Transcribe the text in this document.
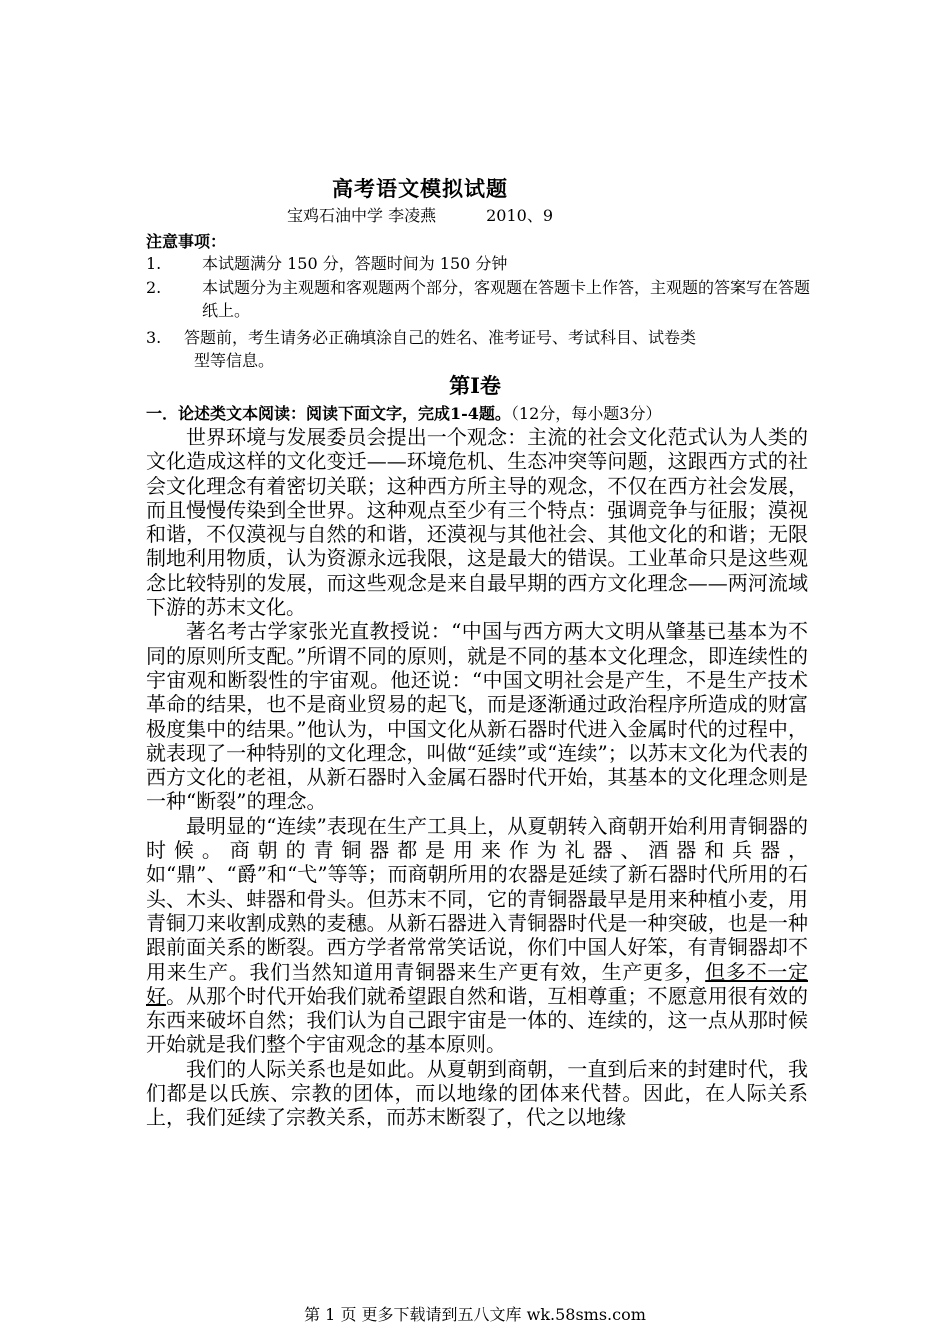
高考语文模拟试题
宝鸡石油中学 李凌燕	2010、9
注意事项：
1.	本试题满分 150 分，答题时间为 150 分钟
2.	本试题分为主观题和客观题两个部分，客观题在答题卡上作答，主观题的答案写在答题纸上。
3.	答题前，考生请务必正确填涂自己的姓名、准考证号、考试科目、试卷类
型等信息。
第Ⅰ卷
一．论述类文本阅读：阅读下面文字，完成1-4题。（12分，每小题3分）

世界环境与发展委员会提出一个观念：主流的社会文化范式认为人类的文化造成这样的文化变迁——环境危机、生态冲突等问题，这跟西方式的社会文化理念有着密切关联；这种西方所主导的观念，不仅在西方社会发展，而且慢慢传染到全世界。这种观点至少有三个特点：强调竞争与征服；漠视和谐，不仅漠视与自然的和谐，还漠视与其他社会、其他文化的和谐；无限制地利用物质，认为资源永远我限，这是最大的错误。工业革命只是这些观念比较特别的发展，而这些观念是来自最早期的西方文化理念——两河流域下游的苏末文化。

著名考古学家张光直教授说：“中国与西方两大文明从肇基已基本为不同的原则所支配。”所谓不同的原则，就是不同的基本文化理念，即连续性的宇宙观和断裂性的宇宙观。他还说：“中国文明社会是产生，不是生产技术革命的结果，也不是商业贸易的起飞，而是逐渐通过政治程序所造成的财富极度集中的结果。”他认为，中国文化从新石器时代进入金属时代的过程中，就表现了一种特别的文化理念，叫做“延续”或“连续”；以苏末文化为代表的西方文化的老祖，从新石器时入金属石器时代开始，其基本的文化理念则是一种“断裂”的理念。

最明显的“连续”表现在生产工具上，从夏朝转入商朝开始利用青铜器的时候。商朝的青铜器都是用来作为礼器、酒器和兵器，如“鼎”、“爵”和“弋”等等；而商朝所用的农器是延续了新石器时代所用的石头、木头、蚌器和骨头。但苏末不同，它的青铜器最早是用来种植小麦，用青铜刀来收割成熟的麦穗。从新石器进入青铜器时代是一种突破，也是一种跟前面关系的断裂。西方学者常常笑话说，你们中国人好笨，有青铜器却不用来生产。我们当然知道用青铜器来生产更有效，生产更多，但多不一定好。从那个时代开始我们就希望跟自然和谐，互相尊重；不愿意用很有效的东西来破坏自然；我们认为自己跟宇宙是一体的、连续的，这一点从那时候开始就是我们整个宇宙观念的基本原则。

我们的人际关系也是如此。从夏朝到商朝，一直到后来的封建时代，我们都是以氏族、宗教的团体，而以地缘的团体来代替。因此，在人际关系上，我们延续了宗教关系，而苏末断裂了，代之以地缘

第 1 页 更多下载请到五八文库 wk.58sms.com
